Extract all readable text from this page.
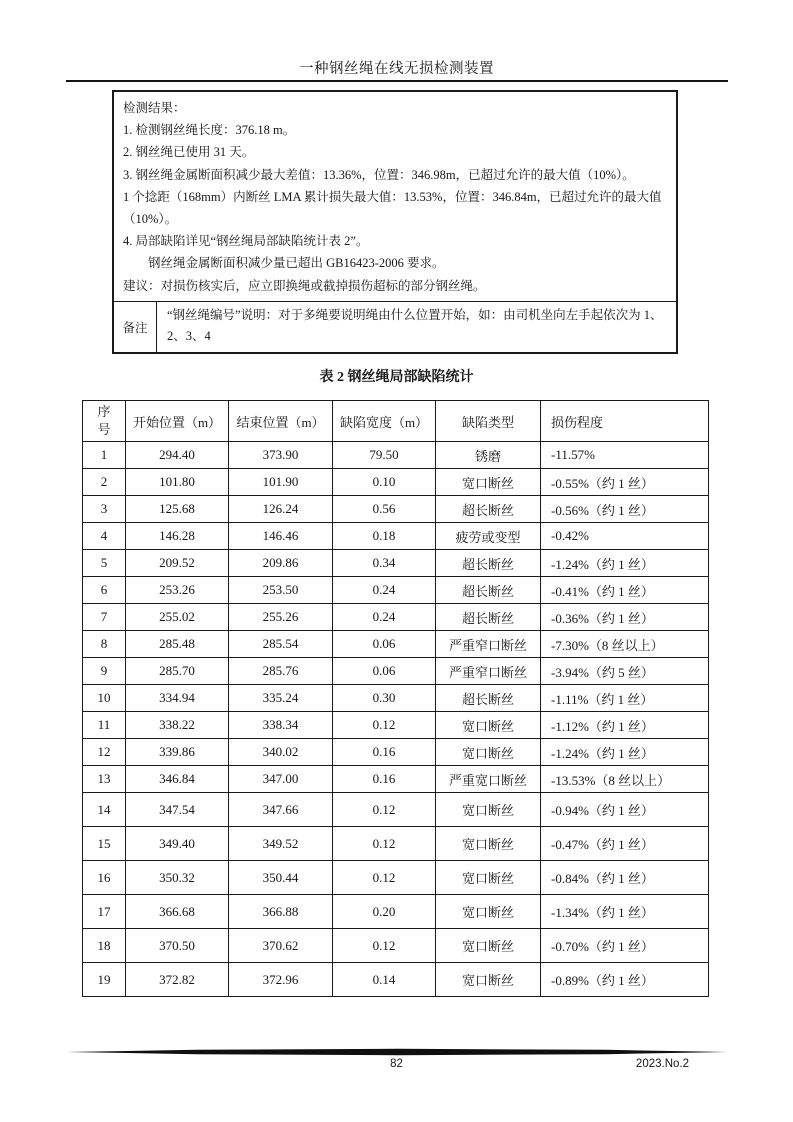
一种钢丝绳在线无损检测装置
检测结果：
1. 检测钢丝绳长度：376.18 m。
2. 钢丝绳已使用 31 天。
3. 钢丝绳金属断面积减少最大差值：13.36%，位置：346.98m，已超过允许的最大值（10%）。
1 个捻距（168mm）内断丝 LMA 累计损失最大值：13.53%，位置：346.84m，已超过允许的最大值（10%）。
4. 局部缺陷详见“钢丝绳局部缺陷统计表 2”。
　　钢丝绳金属断面积减少量已超出 GB16423-2006 要求。
建议：对损伤核实后，应立即换绳或截掉损伤超标的部分钢丝绳。
备注
“钢丝绳编号”说明：对于多绳要说明绳由什么位置开始，如：由司机坐向左手起依次为 1、2、3、4
表 2 钢丝绳局部缺陷统计
序号	开始位置（m）	结束位置（m）	缺陷宽度（m）	缺陷类型	损伤程度
1	294.40	373.90	79.50	锈磨	-11.57%
2	101.80	101.90	0.10	宽口断丝	-0.55%（约 1 丝）
3	125.68	126.24	0.56	超长断丝	-0.56%（约 1 丝）
4	146.28	146.46	0.18	疲劳或变型	-0.42%
5	209.52	209.86	0.34	超长断丝	-1.24%（约 1 丝）
6	253.26	253.50	0.24	超长断丝	-0.41%（约 1 丝）
7	255.02	255.26	0.24	超长断丝	-0.36%（约 1 丝）
8	285.48	285.54	0.06	严重窄口断丝	-7.30%（8 丝以上）
9	285.70	285.76	0.06	严重窄口断丝	-3.94%（约 5 丝）
10	334.94	335.24	0.30	超长断丝	-1.11%（约 1 丝）
11	338.22	338.34	0.12	宽口断丝	-1.12%（约 1 丝）
12	339.86	340.02	0.16	宽口断丝	-1.24%（约 1 丝）
13	346.84	347.00	0.16	严重宽口断丝	-13.53%（8 丝以上）
14	347.54	347.66	0.12	宽口断丝	-0.94%（约 1 丝）
15	349.40	349.52	0.12	宽口断丝	-0.47%（约 1 丝）
16	350.32	350.44	0.12	宽口断丝	-0.84%（约 1 丝）
17	366.68	366.88	0.20	宽口断丝	-1.34%（约 1 丝）
18	370.50	370.62	0.12	宽口断丝	-0.70%（约 1 丝）
19	372.82	372.96	0.14	宽口断丝	-0.89%（约 1 丝）
82	2023.No.2
